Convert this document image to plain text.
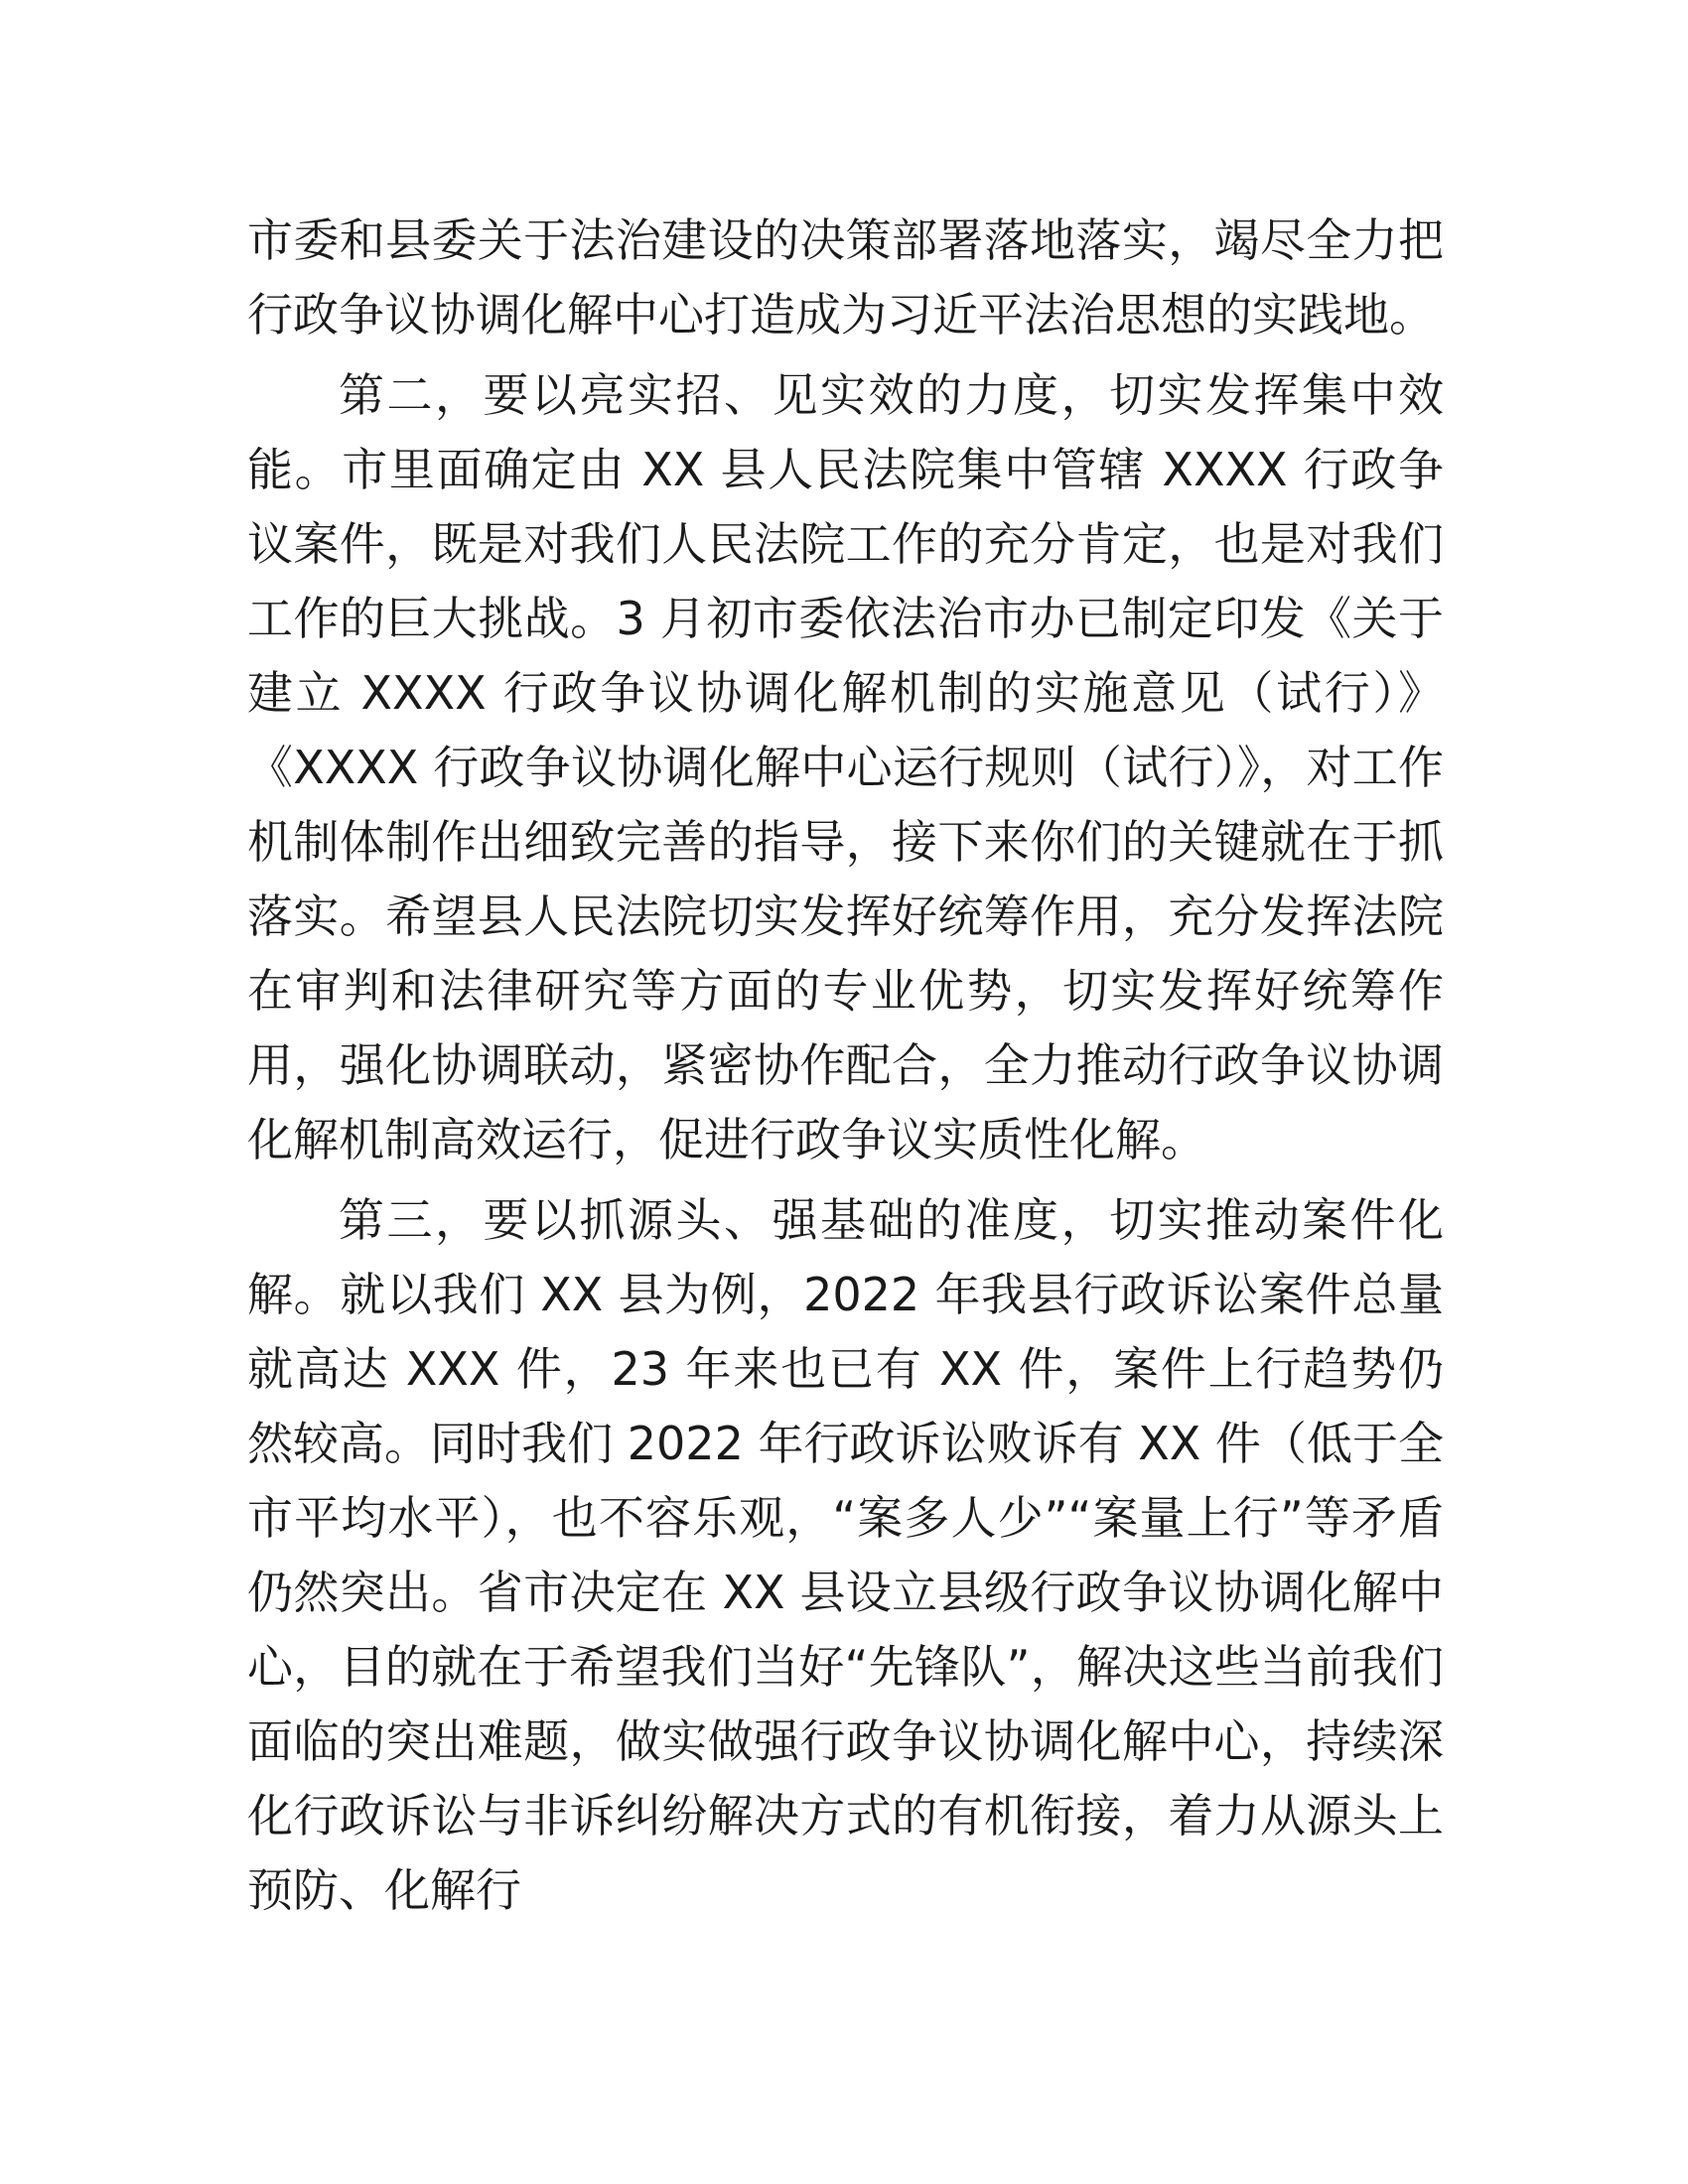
市委和县委关于法治建设的决策部署落地落实，竭尽全力把行政争议协调化解中心打造成为习近平法治思想的实践地。

第二，要以亮实招、见实效的力度，切实发挥集中效能。市里面确定由 XX 县人民法院集中管辖 XXXX 行政争议案件，既是对我们人民法院工作的充分肯定，也是对我们工作的巨大挑战。3 月初市委依法治市办已制定印发《关于建立 XXXX 行政争议协调化解机制的实施意见（试行）》《XXXX 行政争议协调化解中心运行规则（试行）》，对工作机制体制作出细致完善的指导，接下来你们的关键就在于抓落实。希望县人民法院切实发挥好统筹作用，充分发挥法院在审判和法律研究等方面的专业优势，切实发挥好统筹作用，强化协调联动，紧密协作配合，全力推动行政争议协调化解机制高效运行，促进行政争议实质性化解。

第三，要以抓源头、强基础的准度，切实推动案件化解。就以我们 XX 县为例，2022 年我县行政诉讼案件总量就高达 XXX 件，23 年来也已有 XX 件，案件上行趋势仍然较高。同时我们 2022 年行政诉讼败诉有 XX 件（低于全市平均水平），也不容乐观，“案多人少”“案量上行”等矛盾仍然突出。省市决定在 XX 县设立县级行政争议协调化解中心，目的就在于希望我们当好“先锋队”，解决这些当前我们面临的突出难题，做实做强行政争议协调化解中心，持续深化行政诉讼与非诉纠纷解决方式的有机衔接，着力从源头上预防、化解行
